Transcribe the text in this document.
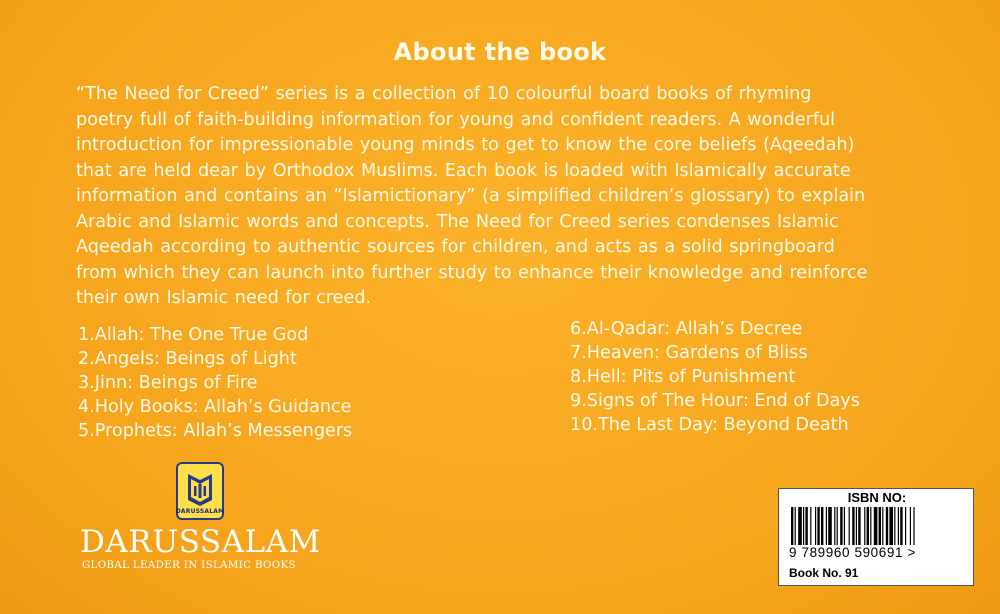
About the book
“The Need for Creed” series is a collection of 10 colourful board books of rhyming
poetry full of faith-building information for young and confident readers. A wonderful
introduction for impressionable young minds to get to know the core beliefs (Aqeedah)
that are held dear by Orthodox Muslims. Each book is loaded with Islamically accurate
information and contains an “Islamictionary” (a simplified children’s glossary) to explain
Arabic and Islamic words and concepts. The Need for Creed series condenses Islamic
Aqeedah according to authentic sources for children, and acts as a solid springboard
from which they can launch into further study to enhance their knowledge and reinforce
their own Islamic need for creed.
1.Allah: The One True God
2.Angels: Beings of Light
3.Jinn: Beings of Fire
4.Holy Books: Allah’s Guidance
5.Prophets: Allah’s Messengers
6.Al-Qadar: Allah’s Decree
7.Heaven: Gardens of Bliss
8.Hell: Pits of Punishment
9.Signs of The Hour: End of Days
10.The Last Day: Beyond Death
DARUSSALAM
DARUSSALAM
GLOBAL LEADER IN ISLAMIC BOOKS
ISBN NO:
9 789960 590691 >
Book No. 91
